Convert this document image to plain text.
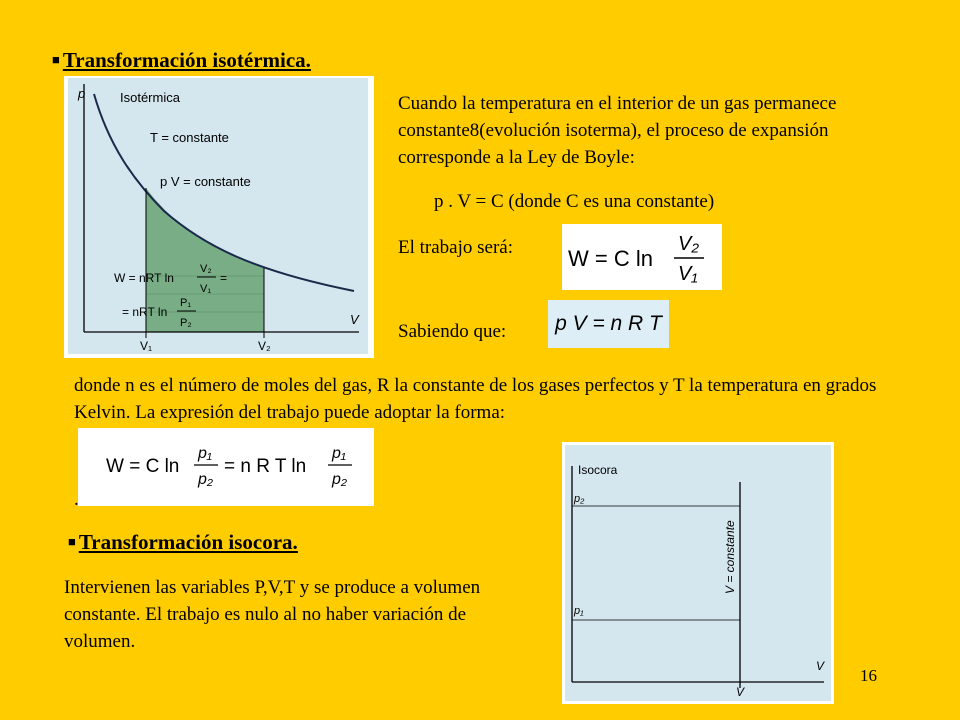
■ Transformación isotérmica.
p	Isotérmica
T = constante
p V = constante
W = nRT ln
V₂
V₁
=
= nRT ln
P₁
P₂	V
V₁	V₂
Cuando la temperatura en el interior de un gas permanece constante8(evolución isoterma), el proceso de expansión corresponde a la Ley de Boyle:
p . V = C (donde C es una constante)
El trabajo será: W = C ln
V₂
V₁
Sabiendo que:	p V = n R T
donde n es el número de moles del gas, R la constante de los gases perfectos y T la temperatura en grados Kelvin. La expresión del trabajo puede adoptar la forma:
W = C ln
p₁
p₂
= n R T ln
p₁
p₂
.
■ Transformación isocora.
Intervienen las variables P,V,T y se produce a volumen constante. El trabajo es nulo al no haber variación de volumen.
Isocora
p₂
p₁
V = constante
V
V
16
